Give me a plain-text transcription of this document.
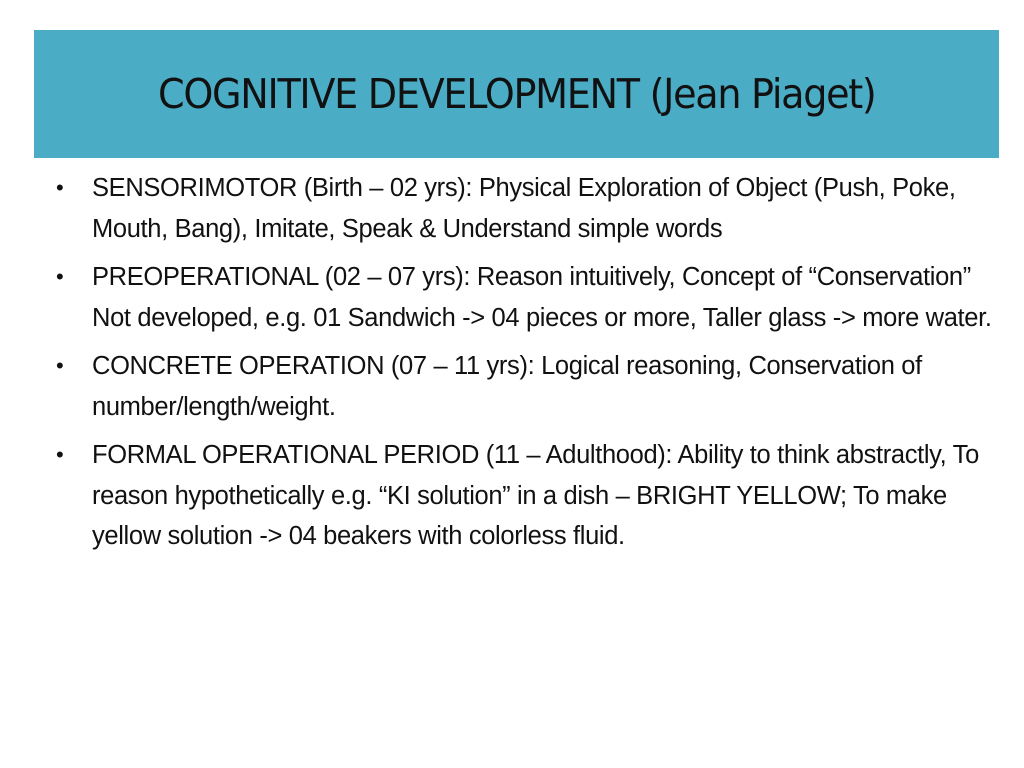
COGNITIVE DEVELOPMENT (Jean Piaget)
• SENSORIMOTOR (Birth – 02 yrs): Physical Exploration of Object (Push, Poke, Mouth, Bang), Imitate, Speak & Understand simple words
• PREOPERATIONAL (02 – 07 yrs): Reason intuitively, Concept of “Conservation” Not developed, e.g. 01 Sandwich -> 04 pieces or more, Taller glass -> more water.
• CONCRETE OPERATION (07 – 11 yrs): Logical reasoning, Conservation of number/length/weight.
• FORMAL OPERATIONAL PERIOD (11 – Adulthood): Ability to think abstractly, To reason hypothetically e.g. “KI solution” in a dish – BRIGHT YELLOW; To make yellow solution -> 04 beakers with colorless fluid.
